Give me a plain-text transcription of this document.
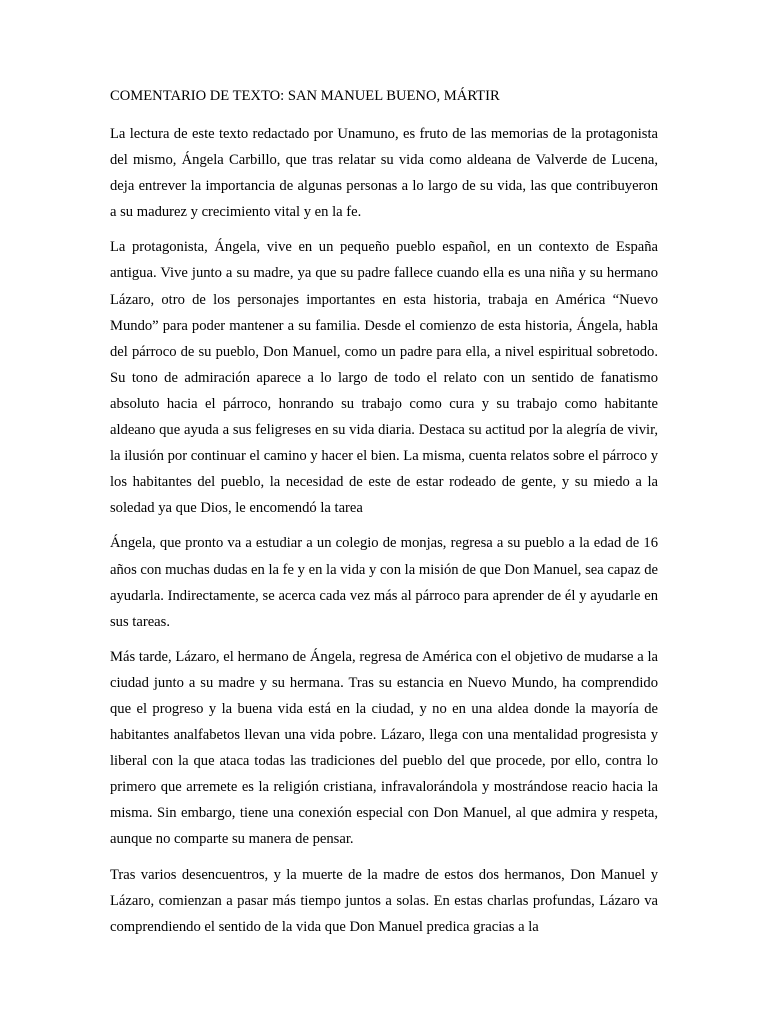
COMENTARIO DE TEXTO: SAN MANUEL BUENO, MÁRTIR

La lectura de este texto redactado por Unamuno, es fruto de las memorias de la protagonista del mismo, Ángela Carbillo, que tras relatar su vida como aldeana de Valverde de Lucena, deja entrever la importancia de algunas personas a lo largo de su vida, las que contribuyeron a su madurez y crecimiento vital y en la fe.

La protagonista, Ángela, vive en un pequeño pueblo español, en un contexto de España antigua. Vive junto a su madre, ya que su padre fallece cuando ella es una niña y su hermano Lázaro, otro de los personajes importantes en esta historia, trabaja en América “Nuevo Mundo” para poder mantener a su familia. Desde el comienzo de esta historia, Ángela, habla del párroco de su pueblo, Don Manuel, como un padre para ella, a nivel espiritual sobretodo. Su tono de admiración aparece a lo largo de todo el relato con un sentido de fanatismo absoluto hacia el párroco, honrando su trabajo como cura y su trabajo como habitante aldeano que ayuda a sus feligreses en su vida diaria. Destaca su actitud por la alegría de vivir, la ilusión por continuar el camino y hacer el bien. La misma, cuenta relatos sobre el párroco y los habitantes del pueblo, la necesidad de este de estar rodeado de gente, y su miedo a la soledad ya que Dios, le encomendó la tarea

Ángela, que pronto va a estudiar a un colegio de monjas, regresa a su pueblo a la edad de 16 años con muchas dudas en la fe y en la vida y con la misión de que Don Manuel, sea capaz de ayudarla. Indirectamente, se acerca cada vez más al párroco para aprender de él y ayudarle en sus tareas.

Más tarde, Lázaro, el hermano de Ángela, regresa de América con el objetivo de mudarse a la ciudad junto a su madre y su hermana. Tras su estancia en Nuevo Mundo, ha comprendido que el progreso y la buena vida está en la ciudad, y no en una aldea donde la mayoría de habitantes analfabetos llevan una vida pobre. Lázaro, llega con una mentalidad progresista y liberal con la que ataca todas las tradiciones del pueblo del que procede, por ello, contra lo primero que arremete es la religión cristiana, infravalorándola y mostrándose reacio hacia la misma. Sin embargo, tiene una conexión especial con Don Manuel, al que admira y respeta, aunque no comparte su manera de pensar.

Tras varios desencuentros, y la muerte de la madre de estos dos hermanos, Don Manuel y Lázaro, comienzan a pasar más tiempo juntos a solas. En estas charlas profundas, Lázaro va comprendiendo el sentido de la vida que Don Manuel predica gracias a la
